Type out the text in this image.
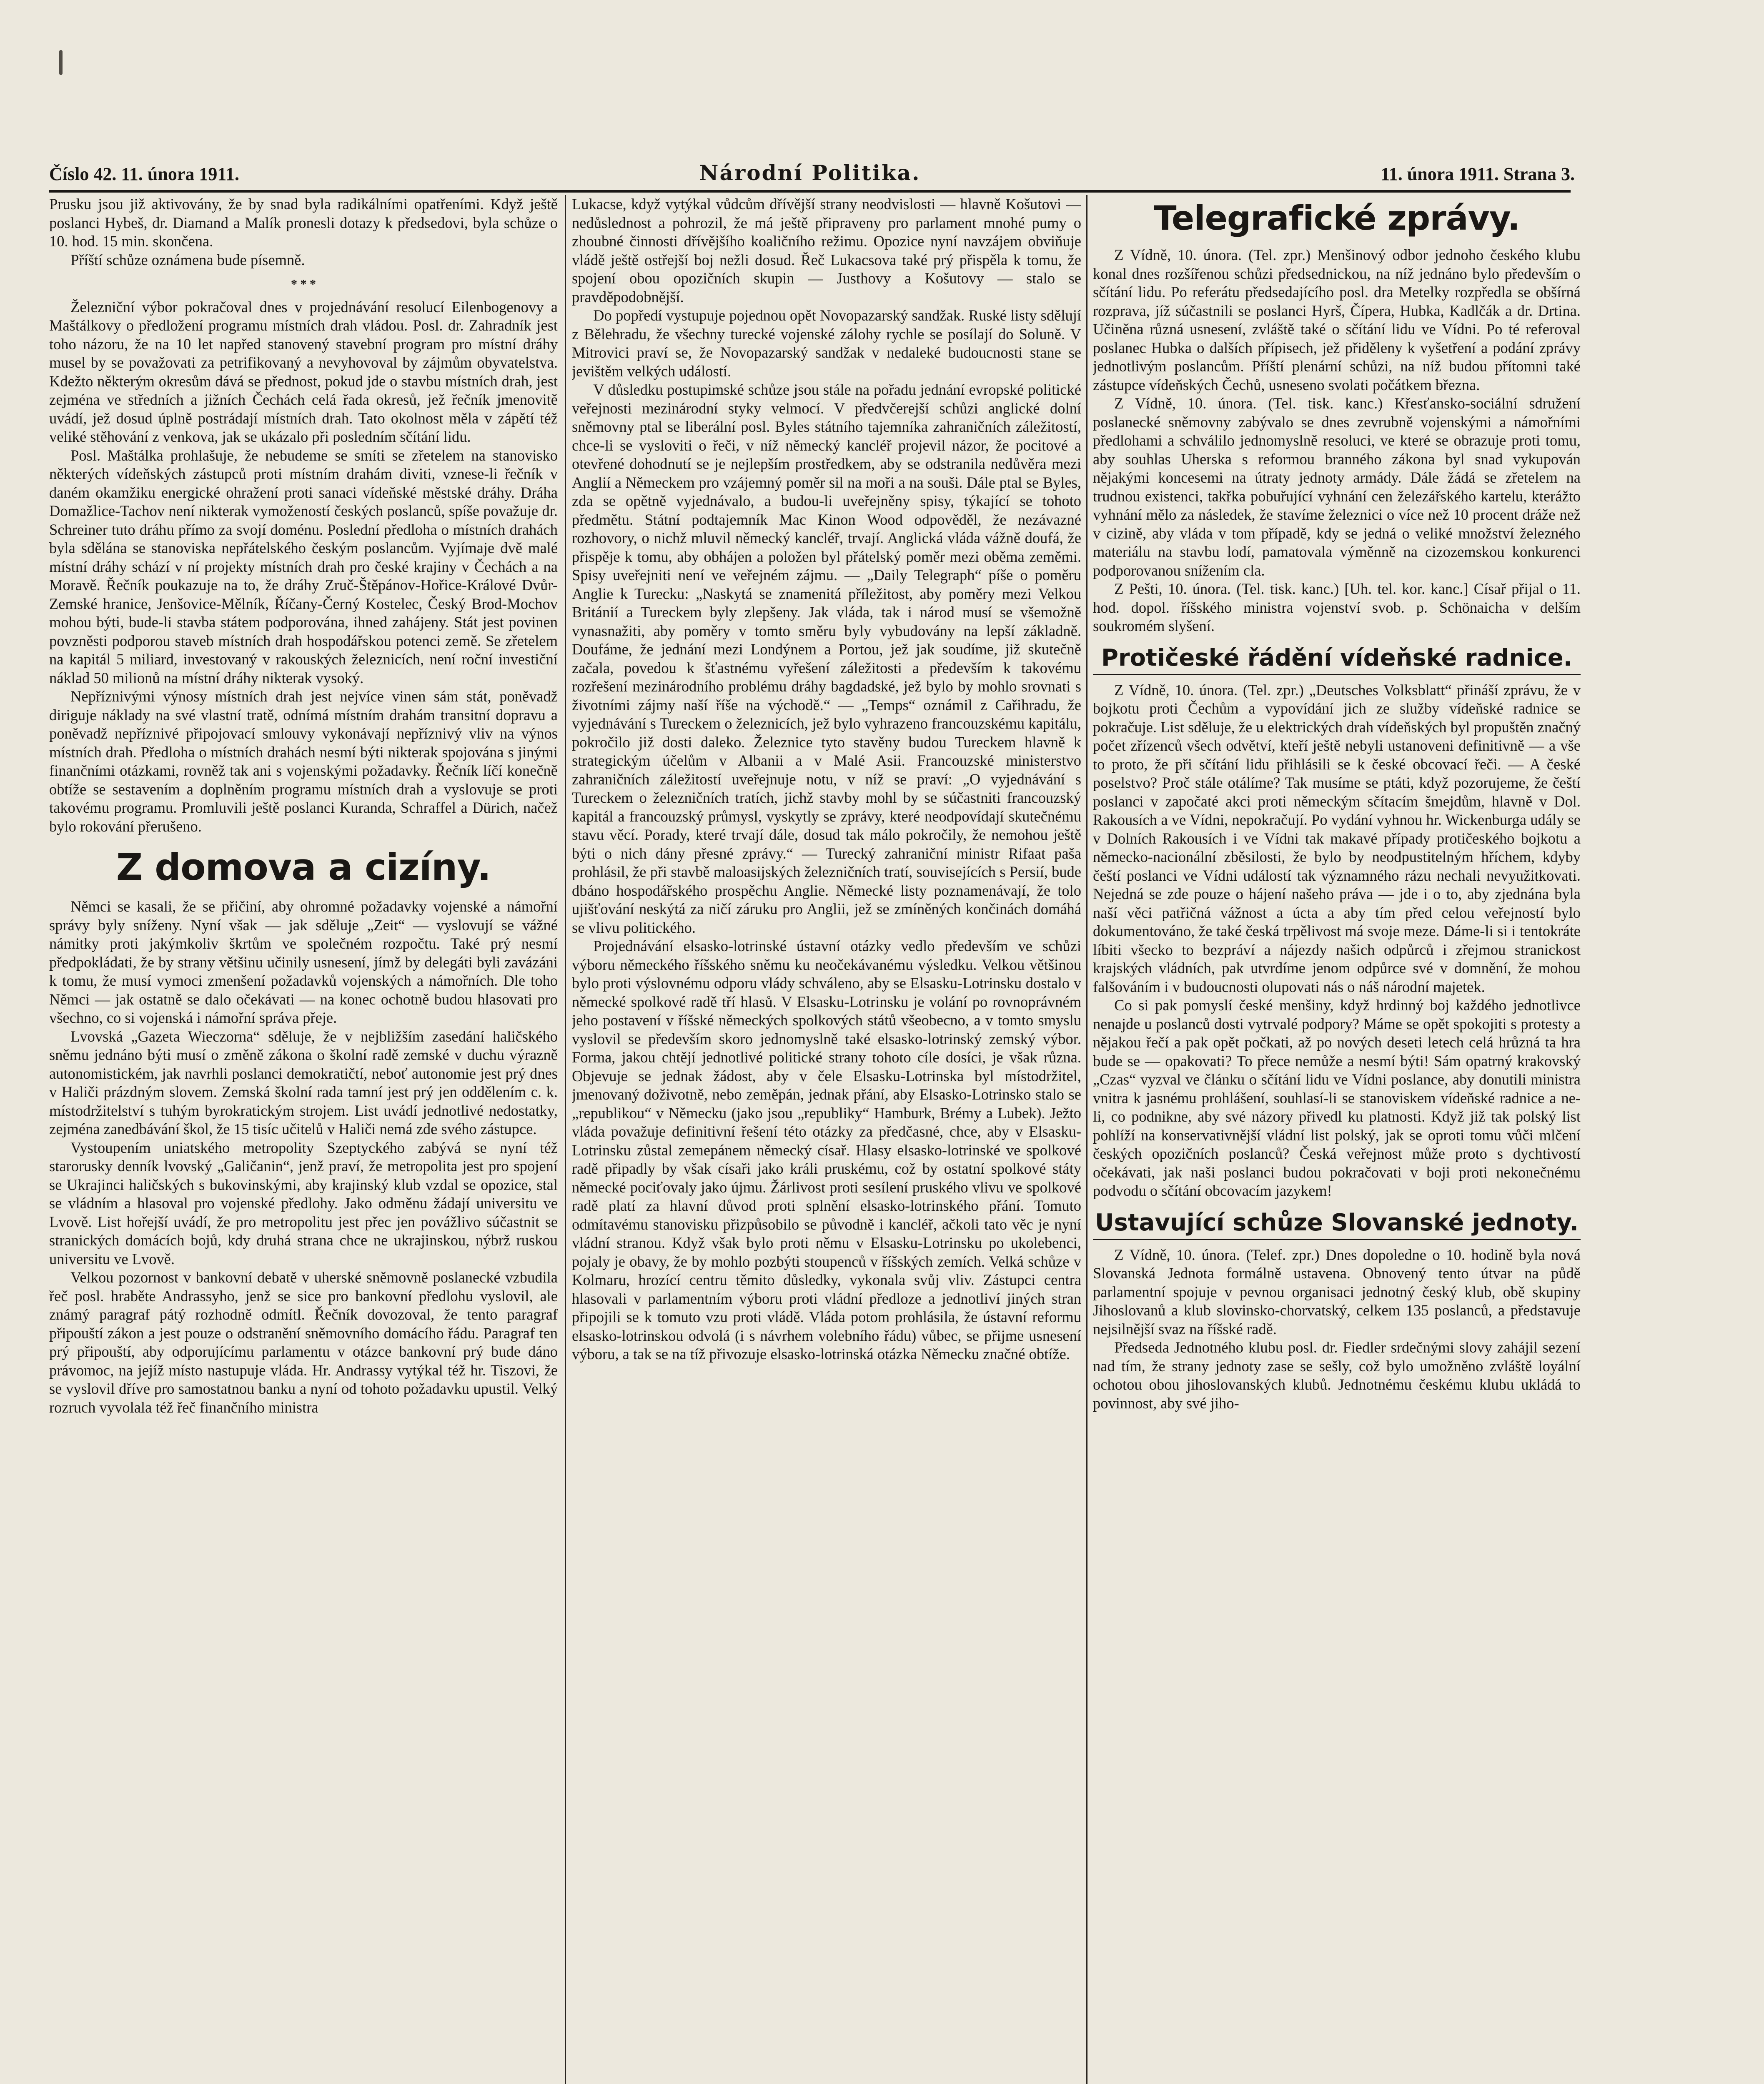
Číslo 42. 11. února 1911.	Národní Politika.	11. února 1911. Strana 3.

Prusku jsou již aktivovány, že by snad byla radikálními opatřeními. Když ještě poslanci Hybeš, dr. Diamand a Malík pronesli dotazy k předsedovi, byla schůze o 10. hod. 15 min. skončena.

Příští schůze oznámena bude písemně.

* * *

Železniční výbor pokračoval dnes v projednávání resolucí Eilenbogenovy a Maštálkovy o předložení programu místních drah vládou. Posl. dr. Zahradník jest toho názoru, že na 10 let napřed stanovený stavební program pro místní dráhy musel by se považovati za petrifikovaný a nevyhovoval by zájmům obyvatelstva. Kdežto některým okresům dává se přednost, pokud jde o stavbu místních drah, jest zejména ve středních a jižních Čechách celá řada okresů, jež řečník jmenovitě uvádí, jež dosud úplně postrádají místních drah. Tato okolnost měla v zápětí též veliké stěhování z venkova, jak se ukázalo při posledním sčítání lidu.

Posl. Maštálka prohlašuje, že nebudeme se smíti se zřetelem na stanovisko některých vídeňských zástupců proti místním drahám diviti, vznese-li řečník v daném okamžiku energické ohražení proti sanaci vídeňské městské dráhy. Dráha Domažlice-Tachov není nikterak vymožeností českých poslanců, spíše považuje dr. Schreiner tuto dráhu přímo za svojí doménu. Poslední předloha o místních drahách byla sdělána se stanoviska nepřátelského českým poslancům. Vyjímaje dvě malé místní dráhy schází v ní projekty místních drah pro české krajiny v Čechách a na Moravě. Řečník poukazuje na to, že dráhy Zruč-Štěpánov-Hořice-Králové Dvůr-Zemské hranice, Jenšovice-Mělník, Říčany-Černý Kostelec, Český Brod-Mochov mohou býti, bude-li stavba státem podporována, ihned zahájeny. Stát jest povinen povzněsti podporou staveb místních drah hospodářskou potenci země. Se zřetelem na kapitál 5 miliard, investovaný v rakouských železnicích, není roční investiční náklad 50 milionů na místní dráhy nikterak vysoký.

Nepříznivými výnosy místních drah jest nejvíce vinen sám stát, poněvadž diriguje náklady na své vlastní tratě, odnímá místním drahám transitní dopravu a poněvadž nepříznivé připojovací smlouvy vykonávají nepříznivý vliv na výnos místních drah. Předloha o místních drahách nesmí býti nikterak spojována s jinými finančními otázkami, rovněž tak ani s vojenskými požadavky. Řečník líčí konečně obtíže se sestavením a doplněním programu místních drah a vyslovuje se proti takovému programu. Promluvili ještě poslanci Kuranda, Schraffel a Dürich, načež bylo rokování přerušeno.

Z domova a cizíny.

Němci se kasali, že se přičiní, aby ohromné požadavky vojenské a námořní správy byly sníženy. Nyní však — jak sděluje „Zeit“ — vyslovují se vážné námitky proti jakýmkoliv škrtům ve společném rozpočtu. Také prý nesmí předpokládati, že by strany většinu učinily usnesení, jímž by delegáti byli zavázáni k tomu, že musí vymoci zmenšení požadavků vojenských a námořních. Dle toho Němci — jak ostatně se dalo očekávati — na konec ochotně budou hlasovati pro všechno, co si vojenská i námořní správa přeje.

Lvovská „Gazeta Wieczorna“ sděluje, že v nejbližším zasedání haličského sněmu jednáno býti musí o změně zákona o školní radě zemské v duchu výrazně autonomistickém, jak navrhli poslanci demokratičtí, neboť autonomie jest prý dnes v Haliči prázdným slovem. Zemská školní rada tamní jest prý jen oddělením c. k. místodržitelství s tuhým byrokratickým strojem. List uvádí jednotlivé nedostatky, zejména zanedbávání škol, že 15 tisíc učitelů v Haliči nemá zde svého zástupce.

Vystoupením uniatského metropolity Szeptyckého zabývá se nyní též starorusky denník lvovský „Galičanin“, jenž praví, že metropolita jest pro spojení se Ukrajinci haličských s bukovinskými, aby krajinský klub vzdal se opozice, stal se vládním a hlasoval pro vojenské předlohy. Jako odměnu žádají universitu ve Lvově. List hořejší uvádí, že pro metropolitu jest přec jen povážlivo súčastnit se stranických domácích bojů, kdy druhá strana chce ne ukrajinskou, nýbrž ruskou universitu ve Lvově.

Velkou pozornost v bankovní debatě v uherské sněmovně poslanecké vzbudila řeč posl. hraběte Andrassyho, jenž se sice pro bankovní předlohu vyslovil, ale známý paragraf pátý rozhodně odmítl. Řečník dovozoval, že tento paragraf připouští zákon a jest pouze o odstranění sněmovního domácího řádu. Paragraf ten prý připouští, aby odporujícímu parlamentu v otázce bankovní prý bude dáno právomoc, na jejíž místo nastupuje vláda. Hr. Andrassy vytýkal též hr. Tiszovi, že se vyslovil dříve pro samostatnou banku a nyní od tohoto požadavku upustil. Velký rozruch vyvolala též řeč finančního ministra

Lukacse, když vytýkal vůdcům dřívější strany neodvislosti — hlavně Košutovi — nedůslednost a pohrozil, že má ještě připraveny pro parlament mnohé pumy o zhoubné činnosti dřívějšího koaličního režimu. Opozice nyní navzájem obviňuje vládě ještě ostřejší boj nežli dosud. Řeč Lukacsova také prý přispěla k tomu, že spojení obou opozičních skupin — Justhovy a Košutovy — stalo se pravděpodobnější.

Do popředí vystupuje pojednou opět Novopazarský sandžak. Ruské listy sdělují z Bělehradu, že všechny turecké vojenské zálohy rychle se posílají do Soluně. V Mitrovici praví se, že Novopazarský sandžak v nedaleké budoucnosti stane se jevištěm velkých událostí.

V důsledku postupimské schůze jsou stále na pořadu jednání evropské politické veřejnosti mezinárodní styky velmocí. V předvčerejší schůzi anglické dolní sněmovny ptal se liberální posl. Byles státního tajemníka zahraničních záležitostí, chce-li se vysloviti o řeči, v níž německý kancléř projevil názor, že pocitové a otevřené dohodnutí se je nejlepším prostředkem, aby se odstranila nedůvěra mezi Anglií a Německem pro vzájemný poměr sil na moři a na souši. Dále ptal se Byles, zda se opětně vyjednávalo, a budou-li uveřejněny spisy, týkající se tohoto předmětu. Státní podtajemník Mac Kinon Wood odpověděl, že nezávazné rozhovory, o nichž mluvil německý kancléř, trvají. Anglická vláda vážně doufá, že přispěje k tomu, aby obhájen a položen byl přátelský poměr mezi oběma zeměmi. Spisy uveřejniti není ve veřejném zájmu. — „Daily Telegraph“ píše o poměru Anglie k Turecku: „Naskytá se znamenitá příležitost, aby poměry mezi Velkou Británií a Tureckem byly zlepšeny. Jak vláda, tak i národ musí se všemožně vynasnažiti, aby poměry v tomto směru byly vybudovány na lepší základně. Doufáme, že jednání mezi Londýnem a Portou, jež jak soudíme, již skutečně začala, povedou k šťastnému vyřešení záležitosti a především k takovému rozřešení mezinárodního problému dráhy bagdadské, jež bylo by mohlo srovnati s životními zájmy naší říše na východě.“ — „Temps“ oznámil z Cařihradu, že vyjednávání s Tureckem o železnicích, jež bylo vyhrazeno francouzskému kapitálu, pokročilo již dosti daleko. Železnice tyto stavěny budou Tureckem hlavně k strategickým účelům v Albanii a v Malé Asii. Francouzské ministerstvo zahraničních záležitostí uveřejnuje notu, v níž se praví: „O vyjednávání s Tureckem o železničních tratích, jichž stavby mohl by se súčastniti francouzský kapitál a francouzský průmysl, vyskytly se zprávy, které neodpovídají skutečnému stavu věcí. Porady, které trvají dále, dosud tak málo pokročily, že nemohou ještě býti o nich dány přesné zprávy.“ — Turecký zahraniční ministr Rifaat paša prohlásil, že při stavbě maloasijských železničních tratí, souvisejících s Persií, bude dbáno hospodářského prospěchu Anglie. Německé listy poznamenávají, že tolo ujišťování neskýtá za ničí záruku pro Anglii, jež se zmíněných končinách domáhá se vlivu politického.

Projednávání elsasko-lotrinské ústavní otázky vedlo především ve schůzi výboru německého říšského sněmu ku neočekávanému výsledku. Velkou většinou bylo proti výslovnému odporu vlády schváleno, aby se Elsasku-Lotrinsku dostalo v německé spolkové radě tří hlasů. V Elsasku-Lotrinsku je volání po rovnoprávném jeho postavení v říšské německých spolkových států všeobecno, a v tomto smyslu vyslovil se především skoro jednomyslně také elsasko-lotrinský zemský výbor. Forma, jakou chtějí jednotlivé politické strany tohoto cíle dosíci, je však různa. Objevuje se jednak žádost, aby v čele Elsasku-Lotrinska byl místodržitel, jmenovaný doživotně, nebo zeměpán, jednak přání, aby Elsasko-Lotrinsko stalo se „republikou“ v Německu (jako jsou „republiky“ Hamburk, Brémy a Lubek). Ježto vláda považuje definitivní řešení této otázky za předčasné, chce, aby v Elsasku-Lotrinsku zůstal zemepánem německý císař. Hlasy elsasko-lotrinské ve spolkové radě připadly by však císaři jako králi pruskému, což by ostatní spolkové státy německé pociťovaly jako újmu. Žárlivost proti sesílení pruského vlivu ve spolkové radě platí za hlavní důvod proti splnění elsasko-lotrinského přání. Tomuto odmítavému stanovisku přizpůsobilo se původně i kancléř, ačkoli tato věc je nyní vládní stranou. Když však bylo proti němu v Elsasku-Lotrinsku po ukolebenci, pojaly je obavy, že by mohlo pozbýti stoupenců v říšských zemích. Velká schůze v Kolmaru, hrozící centru těmito důsledky, vykonala svůj vliv. Zástupci centra hlasovali v parlamentním výboru proti vládní předloze a jednotliví jiných stran připojili se k tomuto vzu proti vládě. Vláda potom prohlásila, že ústavní reformu elsasko-lotrinskou odvolá (i s návrhem volebního řádu) vůbec, se přijme usnesení výboru, a tak se na tíž přivozuje elsasko-lotrinská otázka Německu značné obtíže.

Telegrafické zprávy.

Z Vídně, 10. února. (Tel. zpr.) Menšinový odbor jednoho českého klubu konal dnes rozšířenou schůzi předsednickou, na níž jednáno bylo především o sčítání lidu. Po referátu předsedajícího posl. dra Metelky rozpředla se obšírná rozprava, jíž súčastnili se poslanci Hyrš, Čípera, Hubka, Kadlčák a dr. Drtina. Učiněna různá usnesení, zvláště také o sčítání lidu ve Vídni. Po té referoval poslanec Hubka o dalších přípisech, jež přiděleny k vyšetření a podání zprávy jednotlivým poslancům. Příští plenární schůzi, na níž budou přítomni také zástupce vídeňských Čechů, usneseno svolati počátkem března.

Z Vídně, 10. února. (Tel. tisk. kanc.) Křesťansko-sociální sdružení poslanecké sněmovny zabývalo se dnes zevrubně vojenskými a námořními předlohami a schválilo jednomyslně resoluci, ve které se obrazuje proti tomu, aby souhlas Uherska s reformou branného zákona byl snad vykupován nějakými koncesemi na útraty jednoty armády. Dále žádá se zřetelem na trudnou existenci, takřka pobuřující vyhnání cen železářského kartelu, kterážto vyhnání mělo za následek, že stavíme železnici o více než 10 procent dráže než v cizině, aby vláda v tom případě, kdy se jedná o veliké množství železného materiálu na stavbu lodí, pamatovala výměnně na cizozemskou konkurenci podporovanou snížením cla.

Z Pešti, 10. února. (Tel. tisk. kanc.) [Uh. tel. kor. kanc.] Císař přijal o 11. hod. dopol. říšského ministra vojenství svob. p. Schönaicha v delším soukromém slyšení.

Protičeské řádění vídeňské radnice.

Z Vídně, 10. února. (Tel. zpr.) „Deutsches Volksblatt“ přináší zprávu, že v bojkotu proti Čechům a vypovídání jich ze služby vídeňské radnice se pokračuje. List sděluje, že u elektrických drah vídeňských byl propuštěn značný počet zřízenců všech odvětví, kteří ještě nebyli ustanoveni definitivně — a vše to proto, že při sčítání lidu přihlásili se k české obcovací řeči. — A české poselstvo? Proč stále otálíme? Tak musíme se ptáti, když pozorujeme, že čeští poslanci v započaté akci proti německým sčítacím šmejdům, hlavně v Dol. Rakousích a ve Vídni, nepokračují. Po vydání vyhnou hr. Wickenburga udály se v Dolních Rakousích i ve Vídni tak makavé případy protičeského bojkotu a německo-nacionální zběsilosti, že bylo by neodpustitelným hříchem, kdyby čeští poslanci ve Vídni událostí tak významného rázu nechali nevyužitkovati. Nejedná se zde pouze o hájení našeho práva — jde i o to, aby zjednána byla naší věci patřičná vážnost a úcta a aby tím před celou veřejností bylo dokumentováno, že také česká trpělivost má svoje meze. Dáme-li si i tentokráte líbiti všecko to bezpráví a nájezdy našich odpůrců i zřejmou stranickost krajských vládních, pak utvrdíme jenom odpůrce své v domnění, že mohou falšováním i v budoucnosti olupovati nás o náš národní majetek.

Co si pak pomyslí české menšiny, když hrdinný boj každého jednotlivce nenajde u poslanců dosti vytrvalé podpory? Máme se opět spokojiti s protesty a nějakou řečí a pak opět počkati, až po nových deseti letech celá hrůzná ta hra bude se — opakovati? To přece nemůže a nesmí býti! Sám opatrný krakovský „Czas“ vyzval ve článku o sčítání lidu ve Vídni poslance, aby donutili ministra vnitra k jasnému prohlášení, souhlasí-li se stanoviskem vídeňské radnice a ne-li, co podnikne, aby své názory přivedl ku platnosti. Když již tak polský list pohlíží na konservativnější vládní list polský, jak se oproti tomu vůči mlčení českých opozičních poslanců? Česká veřejnost může proto s dychtivostí očekávati, jak naši poslanci budou pokračovati v boji proti nekonečnému podvodu o sčítání obcovacím jazykem!

Ustavující schůze Slovanské jednoty.

Z Vídně, 10. února. (Telef. zpr.) Dnes dopoledne o 10. hodině byla nová Slovanská Jednota formálně ustavena. Obnovený tento útvar na půdě parlamentní spojuje v pevnou organisaci jednotný český klub, obě skupiny Jihoslovanů a klub slovinsko-chorvatský, celkem 135 poslanců, a představuje nejsilnější svaz na říšské radě.

Předseda Jednotného klubu posl. dr. Fiedler srdečnými slovy zahájil sezení nad tím, že strany jednoty zase se sešly, což bylo umožněno zvláště loyální ochotou obou jihoslovanských klubů. Jednotnému českému klubu ukládá to povinnost, aby své jiho-
